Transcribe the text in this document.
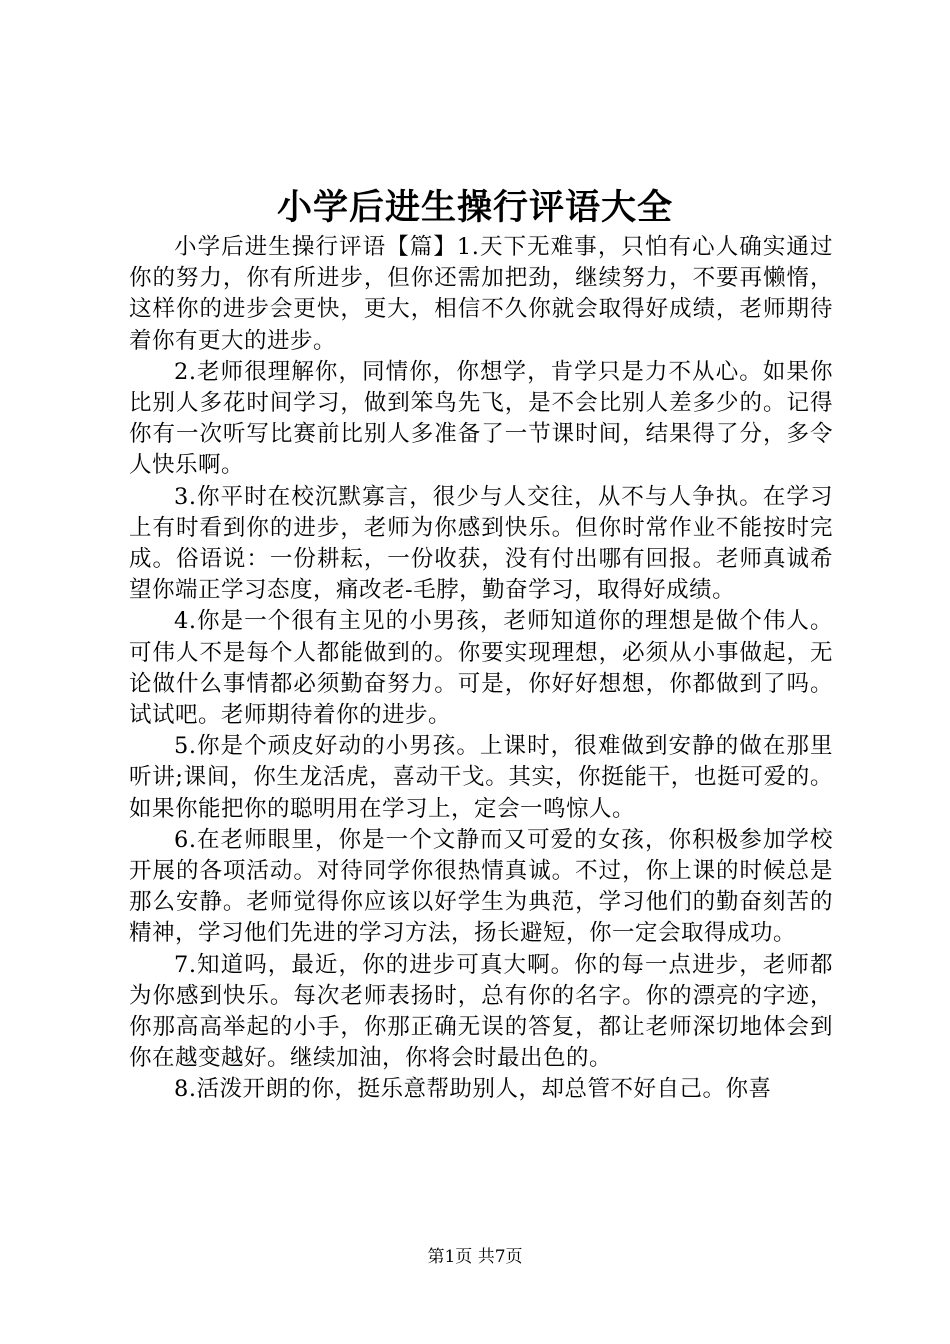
小学后进生操行评语大全

小学后进生操行评语【篇】1.天下无难事，只怕有心人确实通过你的努力，你有所进步，但你还需加把劲，继续努力，不要再懒惰，这样你的进步会更快，更大，相信不久你就会取得好成绩，老师期待着你有更大的进步。

2.老师很理解你，同情你，你想学，肯学只是力不从心。如果你比别人多花时间学习，做到笨鸟先飞，是不会比别人差多少的。记得你有一次听写比赛前比别人多准备了一节课时间，结果得了分，多令人快乐啊。

3.你平时在校沉默寡言，很少与人交往，从不与人争执。在学习上有时看到你的进步，老师为你感到快乐。但你时常作业不能按时完成。俗语说：一份耕耘，一份收获，没有付出哪有回报。老师真诚希望你端正学习态度，痛改老-毛脖，勤奋学习，取得好成绩。

4.你是一个很有主见的小男孩，老师知道你的理想是做个伟人。可伟人不是每个人都能做到的。你要实现理想，必须从小事做起，无论做什么事情都必须勤奋努力。可是，你好好想想，你都做到了吗。试试吧。老师期待着你的进步。

5.你是个顽皮好动的小男孩。上课时，很难做到安静的做在那里听讲;课间，你生龙活虎，喜动干戈。其实，你挺能干，也挺可爱的。如果你能把你的聪明用在学习上，定会一鸣惊人。

6.在老师眼里，你是一个文静而又可爱的女孩，你积极参加学校开展的各项活动。对待同学你很热情真诚。不过，你上课的时候总是那么安静。老师觉得你应该以好学生为典范，学习他们的勤奋刻苦的精神，学习他们先进的学习方法，扬长避短，你一定会取得成功。

7.知道吗，最近，你的进步可真大啊。你的每一点进步，老师都为你感到快乐。每次老师表扬时，总有你的名字。你的漂亮的字迹，你那高高举起的小手，你那正确无误的答复，都让老师深切地体会到你在越变越好。继续加油，你将会时最出色的。

8.活泼开朗的你，挺乐意帮助别人，却总管不好自己。你喜

第1页 共7页
